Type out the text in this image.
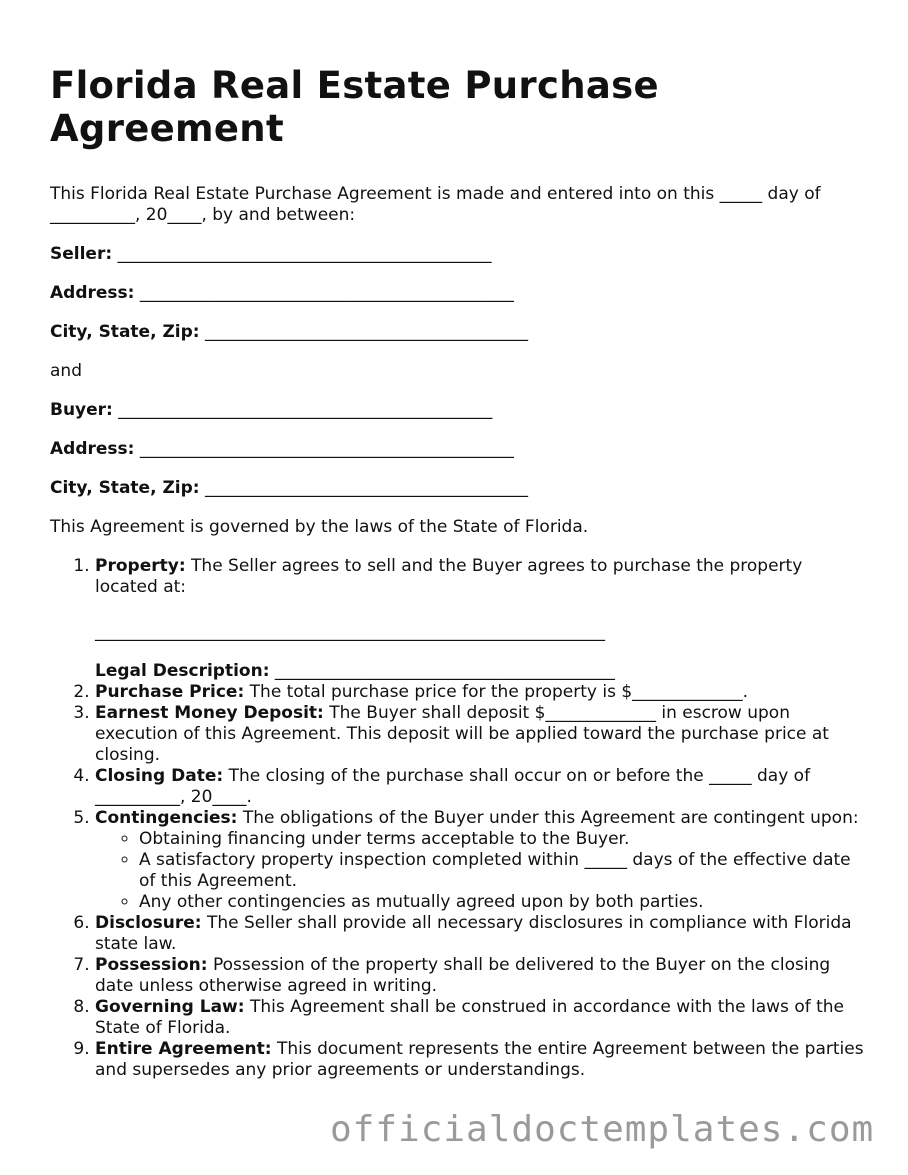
Florida Real Estate Purchase Agreement

This Florida Real Estate Purchase Agreement is made and entered into on this _____ day of __________, 20____, by and between:

Seller: ____________________________________________

Address: ____________________________________________

City, State, Zip: ______________________________________

and

Buyer: ____________________________________________

Address: ____________________________________________

City, State, Zip: ______________________________________

This Agreement is governed by the laws of the State of Florida.

1. Property: The Seller agrees to sell and the Buyer agrees to purchase the property located at:

____________________________________________________________

Legal Description: ________________________________________

2. Purchase Price: The total purchase price for the property is $_____________.
3. Earnest Money Deposit: The Buyer shall deposit $_____________ in escrow upon execution of this Agreement. This deposit will be applied toward the purchase price at closing.
4. Closing Date: The closing of the purchase shall occur on or before the _____ day of __________, 20____.
5. Contingencies: The obligations of the Buyer under this Agreement are contingent upon:
◦ Obtaining financing under terms acceptable to the Buyer.
◦ A satisfactory property inspection completed within _____ days of the effective date of this Agreement.
◦ Any other contingencies as mutually agreed upon by both parties.
6. Disclosure: The Seller shall provide all necessary disclosures in compliance with Florida state law.
7. Possession: Possession of the property shall be delivered to the Buyer on the closing date unless otherwise agreed in writing.
8. Governing Law: This Agreement shall be construed in accordance with the laws of the State of Florida.
9. Entire Agreement: This document represents the entire Agreement between the parties and supersedes any prior agreements or understandings.
officialdoctemplates.com
